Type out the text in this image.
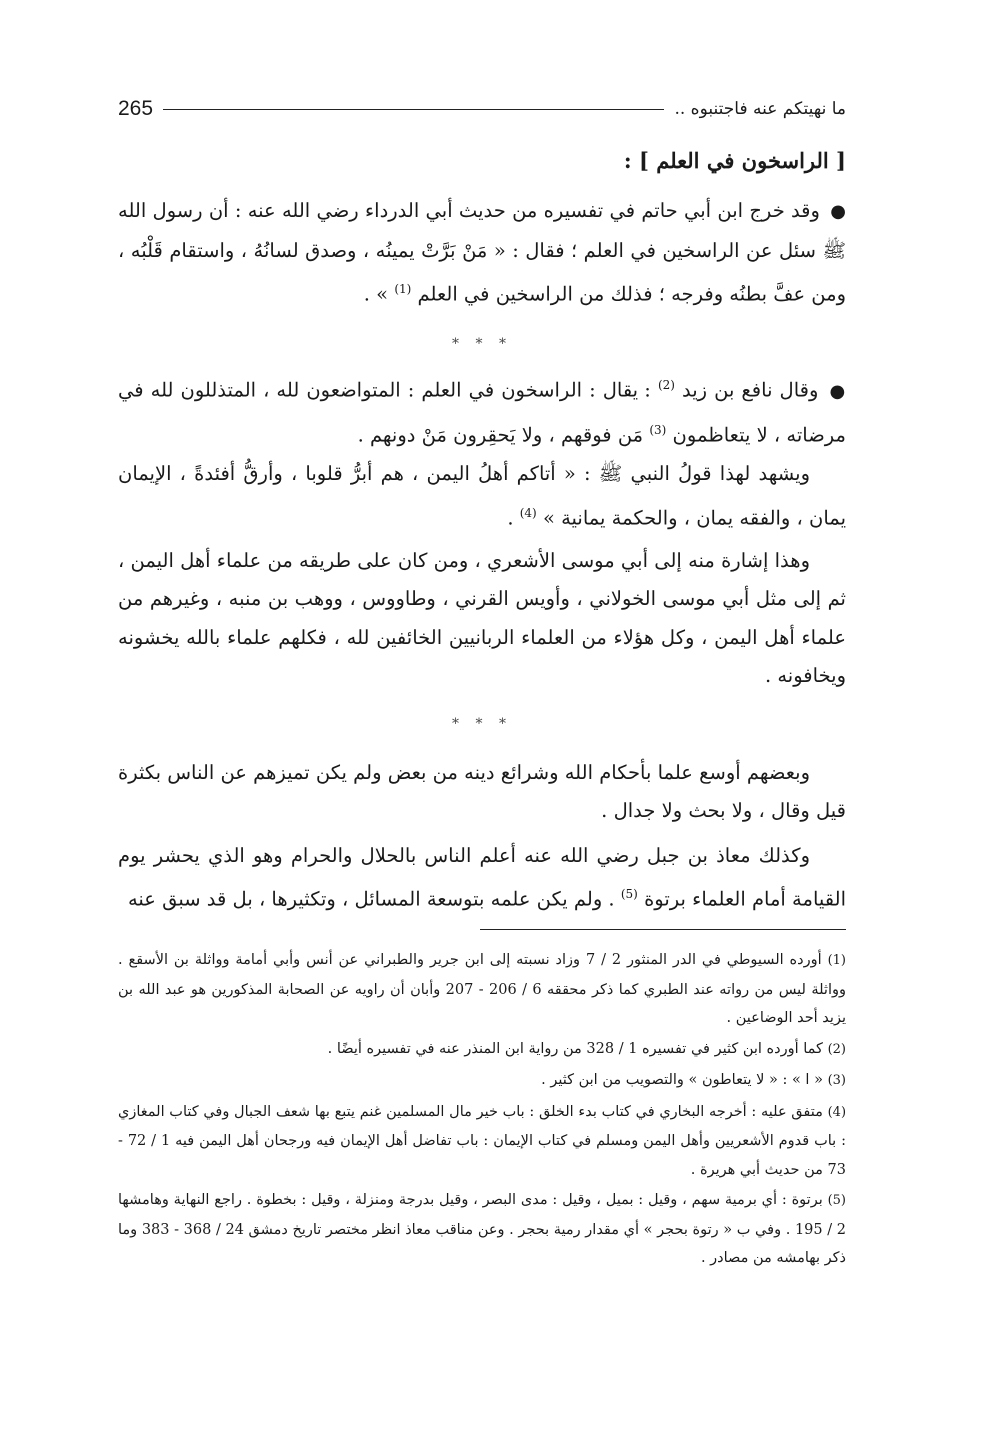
ما نهيتكم عنه فاجتنبوه ..
265
[ الراسخون في العلم ] :

● وقد خرج ابن أبي حاتم في تفسيره من حديث أبي الدرداء رضي الله عنه : أن رسول الله ﷺ سئل عن الراسخين في العلم ؛ فقال : « مَنْ بَرَّتْ يمينُه ، وصدق لسانُهُ ، واستقام قَلْبُه ، ومن عفَّ بطنُه وفرجه ؛ فذلك من الراسخين في العلم $^{(1)}$ » .

* * *

● وقال نافع بن زيد $^{(2)}$ : يقال : الراسخون في العلم : المتواضعون لله ، المتذللون لله في مرضاته ، لا يتعاظمون $^{(3)}$ مَن فوقهم ، ولا يَحقِرون مَنْ دونهم .

ويشهد لهذا قولُ النبي ﷺ : « أتاكم أهلُ اليمن ، هم أبرُّ قلوبا ، وأرقُّ أفئدةً ، الإيمان يمان ، والفقه يمان ، والحكمة يمانية » $^{(4)}$ .

وهذا إشارة منه إلى أبي موسى الأشعري ، ومن كان على طريقه من علماء أهل اليمن ، ثم إلى مثل أبي موسى الخولاني ، وأويس القرني ، وطاووس ، ووهب بن منبه ، وغيرهم من علماء أهل اليمن ، وكل هؤلاء من العلماء الربانيين الخائفين لله ، فكلهم علماء بالله يخشونه ويخافونه .

* * *

وبعضهم أوسع علما بأحكام الله وشرائع دينه من بعض ولم يكن تميزهم عن الناس بكثرة قيل وقال ، ولا بحث ولا جدال .

وكذلك معاذ بن جبل رضي الله عنه أعلم الناس بالحلال والحرام وهو الذي يحشر يوم القيامة أمام العلماء برتوة $^{(5)}$ . ولم يكن علمه بتوسعة المسائل ، وتكثيرها ، بل قد سبق عنه

(1) أورده السيوطي في الدر المنثور 2 / 7 وزاد نسبته إلى ابن جرير والطبراني عن أنس وأبي أمامة وواثلة بن الأسقع . وواثلة ليس من رواته عند الطبري كما ذكر محققه 6 / 206 - 207 وأبان أن راويه عن الصحابة المذكورين هو عبد الله بن يزيد أحد الوضاعين .

(2) كما أورده ابن كثير في تفسيره 1 / 328 من رواية ابن المنذر عنه في تفسيره أيضًا .

(3) « ا » : « لا يتعاطون » والتصويب من ابن كثير .

(4) متفق عليه : أخرجه البخاري في كتاب بدء الخلق : باب خير مال المسلمين غنم يتبع بها شعف الجبال وفي كتاب المغازي : باب قدوم الأشعريين وأهل اليمن ومسلم في كتاب الإيمان : باب تفاضل أهل الإيمان فيه ورجحان أهل اليمن فيه 1 / 72 - 73 من حديث أبي هريرة .

(5) برتوة : أي برمية سهم ، وقيل : بميل ، وقيل : مدى البصر ، وقيل بدرجة ومنزلة ، وقيل : بخطوة . راجع النهاية وهامشها 2 / 195 . وفي ب « رتوة بحجر » أي مقدار رمية بحجر . وعن مناقب معاذ انظر مختصر تاريخ دمشق 24 / 368 - 383 وما ذكر بهامشه من مصادر .
